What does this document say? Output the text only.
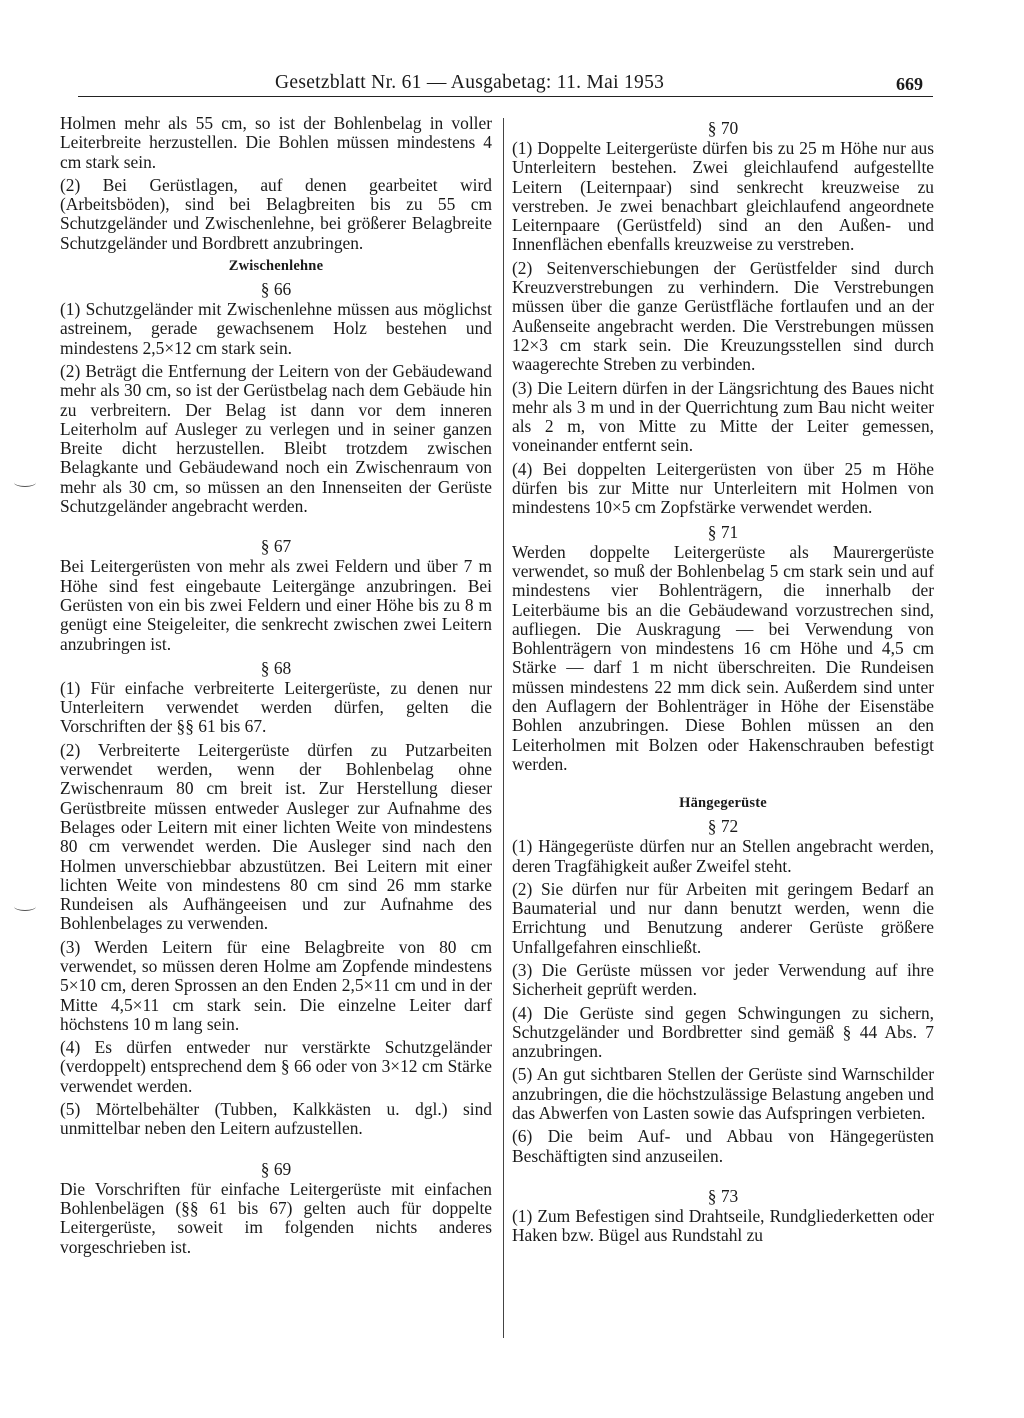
Gesetzblatt Nr. 61 — Ausgabetag: 11. Mai 1953	669

Holmen mehr als 55 cm, so ist der Bohlenbelag in voller Leiterbreite herzustellen. Die Bohlen müssen mindestens 4 cm stark sein.

(2) Bei Gerüstlagen, auf denen gearbeitet wird (Arbeitsböden), sind bei Belagbreiten bis zu 55 cm Schutzgeländer und Zwischenlehne, bei größerer Belagbreite Schutzgeländer und Bordbrett anzubringen.

Zwischenlehne
§ 66

(1) Schutzgeländer mit Zwischenlehne müssen aus möglichst astreinem, gerade gewachsenem Holz bestehen und mindestens 2,5×12 cm stark sein.

(2) Beträgt die Entfernung der Leitern von der Gebäudewand mehr als 30 cm, so ist der Gerüstbelag nach dem Gebäude hin zu verbreitern. Der Belag ist dann vor dem inneren Leiterholm auf Ausleger zu verlegen und in seiner ganzen Breite dicht herzustellen. Bleibt trotzdem zwischen Belagkante und Gebäudewand noch ein Zwischenraum von mehr als 30 cm, so müssen an den Innenseiten der Gerüste Schutzgeländer angebracht werden.

§ 67

Bei Leitergerüsten von mehr als zwei Feldern und über 7 m Höhe sind fest eingebaute Leitergänge anzubringen. Bei Gerüsten von ein bis zwei Feldern und einer Höhe bis zu 8 m genügt eine Steigeleiter, die senkrecht zwischen zwei Leitern anzubringen ist.

§ 68

(1) Für einfache verbreiterte Leitergerüste, zu denen nur Unterleitern verwendet werden dürfen, gelten die Vorschriften der §§ 61 bis 67.

(2) Verbreiterte Leitergerüste dürfen zu Putzarbeiten verwendet werden, wenn der Bohlenbelag ohne Zwischenraum 80 cm breit ist. Zur Herstellung dieser Gerüstbreite müssen entweder Ausleger zur Aufnahme des Belages oder Leitern mit einer lichten Weite von mindestens 80 cm verwendet werden. Die Ausleger sind nach den Holmen unverschiebbar abzustützen. Bei Leitern mit einer lichten Weite von mindestens 80 cm sind 26 mm starke Rundeisen als Aufhängeeisen und zur Aufnahme des Bohlenbelages zu verwenden.

(3) Werden Leitern für eine Belagbreite von 80 cm verwendet, so müssen deren Holme am Zopfende mindestens 5×10 cm, deren Sprossen an den Enden 2,5×11 cm und in der Mitte 4,5×11 cm stark sein. Die einzelne Leiter darf höchstens 10 m lang sein.

(4) Es dürfen entweder nur verstärkte Schutzgeländer (verdoppelt) entsprechend dem § 66 oder von 3×12 cm Stärke verwendet werden.

(5) Mörtelbehälter (Tubben, Kalkkästen u. dgl.) sind unmittelbar neben den Leitern aufzustellen.

§ 69

Die Vorschriften für einfache Leitergerüste mit einfachen Bohlenbelägen (§§ 61 bis 67) gelten auch für doppelte Leitergerüste, soweit im folgenden nichts anderes vorgeschrieben ist.

§ 70

(1) Doppelte Leitergerüste dürfen bis zu 25 m Höhe nur aus Unterleitern bestehen. Zwei gleichlaufend aufgestellte Leitern (Leiternpaar) sind senkrecht kreuzweise zu verstreben. Je zwei benachbart gleichlaufend angeordnete Leiternpaare (Gerüstfeld) sind an den Außen- und Innenflächen ebenfalls kreuzweise zu verstreben.

(2) Seitenverschiebungen der Gerüstfelder sind durch Kreuzverstrebungen zu verhindern. Die Verstrebungen müssen über die ganze Gerüstfläche fortlaufen und an der Außenseite angebracht werden. Die Verstrebungen müssen 12×3 cm stark sein. Die Kreuzungsstellen sind durch waagerechte Streben zu verbinden.

(3) Die Leitern dürfen in der Längsrichtung des Baues nicht mehr als 3 m und in der Querrichtung zum Bau nicht weiter als 2 m, von Mitte zu Mitte der Leiter gemessen, voneinander entfernt sein.

(4) Bei doppelten Leitergerüsten von über 25 m Höhe dürfen bis zur Mitte nur Unterleitern mit Holmen von mindestens 10×5 cm Zopfstärke verwendet werden.

§ 71

Werden doppelte Leitergerüste als Maurergerüste verwendet, so muß der Bohlenbelag 5 cm stark sein und auf mindestens vier Bohlenträgern, die innerhalb der Leiterbäume bis an die Gebäudewand vorzustrechen sind, aufliegen. Die Auskragung — bei Verwendung von Bohlenträgern von mindestens 16 cm Höhe und 4,5 cm Stärke — darf 1 m nicht überschreiten. Die Rundeisen müssen mindestens 22 mm dick sein. Außerdem sind unter den Auflagern der Bohlenträger in Höhe der Eisenstäbe Bohlen anzubringen. Diese Bohlen müssen an den Leiterholmen mit Bolzen oder Hakenschrauben befestigt werden.

Hängegerüste
§ 72

(1) Hängegerüste dürfen nur an Stellen angebracht werden, deren Tragfähigkeit außer Zweifel steht.

(2) Sie dürfen nur für Arbeiten mit geringem Bedarf an Baumaterial und nur dann benutzt werden, wenn die Errichtung und Benutzung anderer Gerüste größere Unfallgefahren einschließt.

(3) Die Gerüste müssen vor jeder Verwendung auf ihre Sicherheit geprüft werden.

(4) Die Gerüste sind gegen Schwingungen zu sichern, Schutzgeländer und Bordbretter sind gemäß § 44 Abs. 7 anzubringen.

(5) An gut sichtbaren Stellen der Gerüste sind Warnschilder anzubringen, die die höchstzulässige Belastung angeben und das Abwerfen von Lasten sowie das Aufspringen verbieten.

(6) Die beim Auf- und Abbau von Hängegerüsten Beschäftigten sind anzuseilen.

§ 73

(1) Zum Befestigen sind Drahtseile, Rundgliederketten oder Haken bzw. Bügel aus Rundstahl zu
